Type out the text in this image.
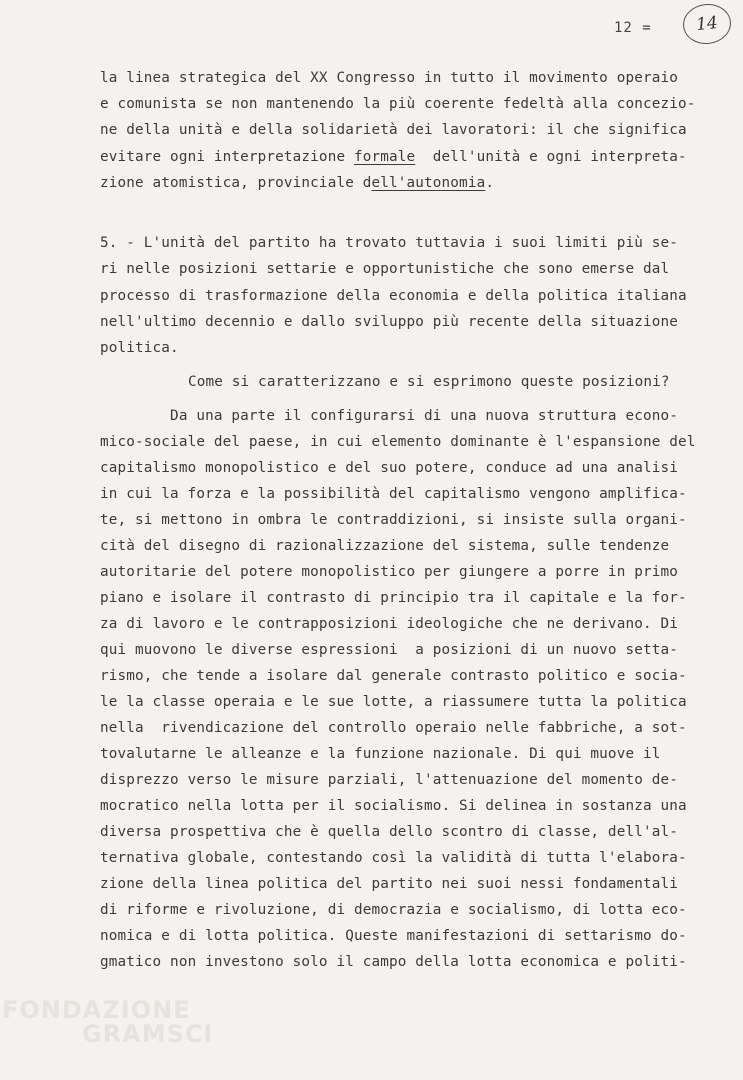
12 =	14
la linea strategica del XX Congresso in tutto il movimento operaio
e comunista se non mantenendo la più coerente fedeltà alla concezio-
ne della unità e della solidarietà dei lavoratori: il che significa
evitare ogni interpretazione formale  dell'unità e ogni interpreta-
zione atomistica, provinciale dell'autonomia.
5. - L'unità del partito ha trovato tuttavia i suoi limiti più se-
ri nelle posizioni settarie e opportunistiche che sono emerse dal
processo di trasformazione della economia e della politica italiana
nell'ultimo decennio e dallo sviluppo più recente della situazione
politica.
Come si caratterizzano e si esprimono queste posizioni?
Da una parte il configurarsi di una nuova struttura econo-
mico-sociale del paese, in cui elemento dominante è l'espansione del
capitalismo monopolistico e del suo potere, conduce ad una analisi
in cui la forza e la possibilità del capitalismo vengono amplifica-
te, si mettono in ombra le contraddizioni, si insiste sulla organi-
cità del disegno di razionalizzazione del sistema, sulle tendenze
autoritarie del potere monopolistico per giungere a porre in primo
piano e isolare il contrasto di principio tra il capitale e la for-
za di lavoro e le contrapposizioni ideologiche che ne derivano. Di
qui muovono le diverse espressioni  a posizioni di un nuovo setta-
rismo, che tende a isolare dal generale contrasto politico e socia-
le la classe operaia e le sue lotte, a riassumere tutta la politica
nella  rivendicazione del controllo operaio nelle fabbriche, a sot-
tovalutarne le alleanze e la funzione nazionale. Di qui muove il
disprezzo verso le misure parziali, l'attenuazione del momento de-
mocratico nella lotta per il socialismo. Si delinea in sostanza una
diversa prospettiva che è quella dello scontro di classe, dell'al-
ternativa globale, contestando così la validità di tutta l'elabora-
zione della linea politica del partito nei suoi nessi fondamentali
di riforme e rivoluzione, di democrazia e socialismo, di lotta eco-
nomica e di lotta politica. Queste manifestazioni di settarismo do-
gmatico non investono solo il campo della lotta economica e politi-
FONDAZIONE
GRAMSCI
